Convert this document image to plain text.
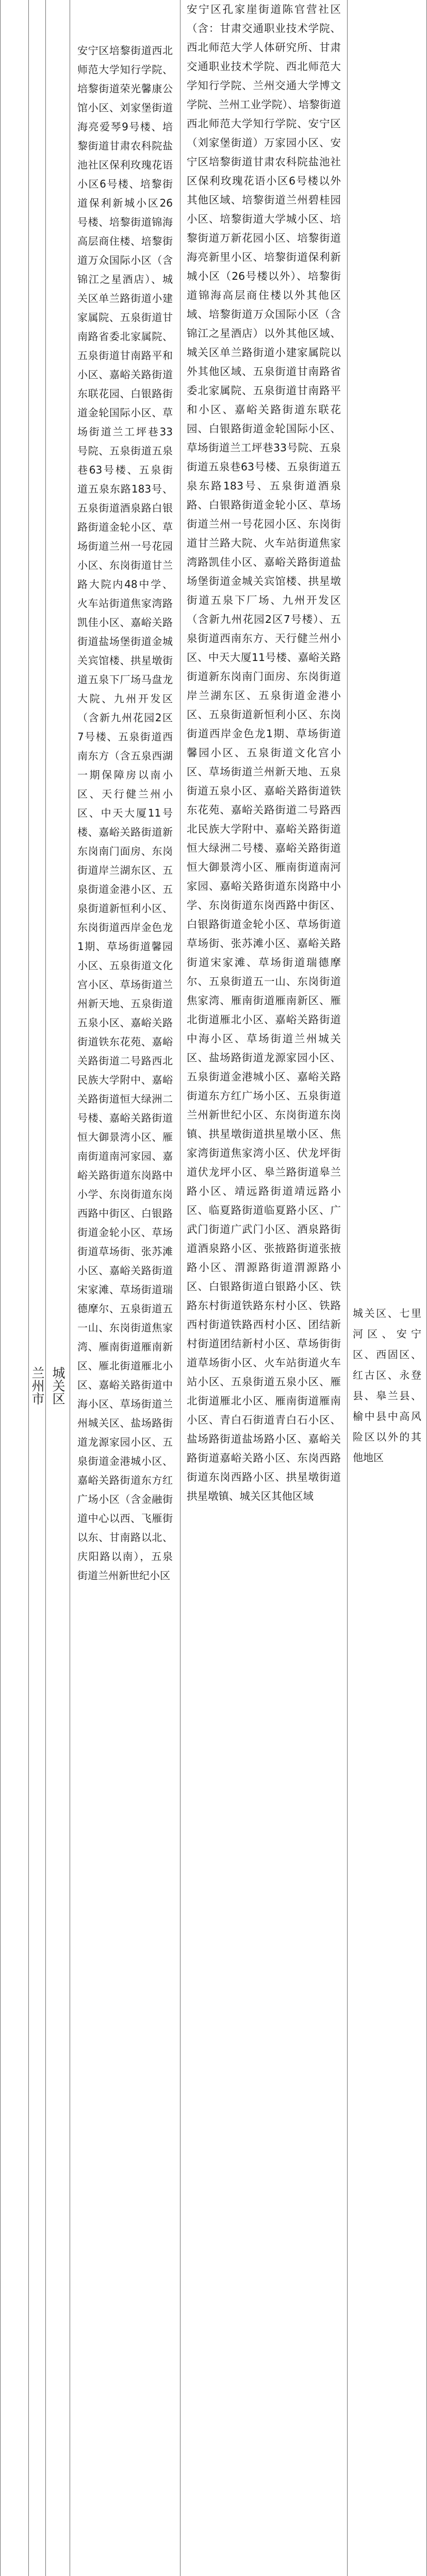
兰州市 城关区

安宁区培黎街道西北师范大学知行学院、培黎街道荣光馨康公馆小区、刘家堡街道海亮爱琴9号楼、培黎街道甘肃农科院盐池社区保利玫瑰花语小区6号楼、培黎街道保利新城小区26号楼、培黎街道锦海高层商住楼、培黎街道万众国际小区（含锦江之星酒店）、城关区单兰路街道小建家属院、五泉街道甘南路省委北家属院、五泉街道甘南路平和小区、嘉峪关路街道东联花园、白银路街道金轮国际小区、草场街道兰工坪巷33号院、五泉街道五泉巷63号楼、五泉街道五泉东路183号、五泉街道酒泉路白银路街道金轮小区、草场街道兰州一号花园小区、东岗街道甘兰路大院内48中学、火车站街道焦家湾路凯佳小区、嘉峪关路街道盐场堡街道金城关宾馆楼、拱星墩街道五泉下厂场马盘龙大院、九州开发区（含新九州花园2区7号楼、五泉街道西南东方（含五泉西湖一期保障房以南小区、天行健兰州小区、中天大厦11号楼、嘉峪关路街道新东岗南门面房、东岗街道岸兰湖东区、五泉街道金港小区、五泉街道新恒利小区、东岗街道西岸金色龙1期、草场街道馨园小区、五泉街道文化宫小区、草场街道兰州新天地、五泉街道五泉小区、嘉峪关路街道铁东花苑、嘉峪关路街道二号路西北民族大学附中、嘉峪关路街道恒大绿洲二号楼、嘉峪关路街道恒大御景湾小区、雁南街道南河家园、嘉峪关路街道东岗路中小学、东岗街道东岗西路中街区、白银路街道金轮小区、草场街道草场街、张苏滩小区、嘉峪关路街道宋家滩、草场街道瑞德摩尔、五泉街道五一山、东岗街道焦家湾、雁南街道雁南新区、雁北街道雁北小区、嘉峪关路街道中海小区、草场街道兰州城关区、盐场路街道龙源家园小区、五泉街道金港城小区、嘉峪关路街道东方红广场小区（含金融街道中心以西、飞雁街以东、甘南路以北、庆阳路以南），五泉街道兰州新世纪小区

安宁区孔家崖街道陈官营社区（含：甘肃交通职业技术学院、西北师范大学人体研究所、甘肃交通职业技术学院、西北师范大学知行学院、兰州交通大学博文学院、兰州工业学院）、培黎街道西北师范大学知行学院、安宁区（刘家堡街道）万家园小区、安宁区培黎街道甘肃农科院盐池社区保利玫瑰花语小区6号楼以外其他区域、培黎街道兰州碧桂园小区、培黎街道大学城小区、培黎街道万新花园小区、培黎街道海亮新里小区、培黎街道保利新城小区（26号楼以外）、培黎街道锦海高层商住楼以外其他区域、培黎街道万众国际小区（含锦江之星酒店）以外其他区域、城关区单兰路街道小建家属院以外其他区域、五泉街道甘南路省委北家属院、五泉街道甘南路平和小区、嘉峪关路街道东联花园、白银路街道金轮国际小区、草场街道兰工坪巷33号院、五泉街道五泉巷63号楼、五泉街道五泉东路183号、五泉街道酒泉路、白银路街道金轮小区、草场街道兰州一号花园小区、东岗街道甘兰路大院、火车站街道焦家湾路凯佳小区、嘉峪关路街道盐场堡街道金城关宾馆楼、拱星墩街道五泉下厂场、九州开发区（含新九州花园2区7号楼）、五泉街道西南东方、天行健兰州小区、中天大厦11号楼、嘉峪关路街道新东岗南门面房、东岗街道岸兰湖东区、五泉街道金港小区、五泉街道新恒利小区、东岗街道西岸金色龙1期、草场街道馨园小区、五泉街道文化宫小区、草场街道兰州新天地、五泉街道五泉小区、嘉峪关路街道铁东花苑、嘉峪关路街道二号路西北民族大学附中、嘉峪关路街道恒大绿洲二号楼、嘉峪关路街道恒大御景湾小区、雁南街道南河家园、嘉峪关路街道东岗路中小学、东岗街道东岗西路中街区、白银路街道金轮小区、草场街道草场街、张苏滩小区、嘉峪关路街道宋家滩、草场街道瑞德摩尔、五泉街道五一山、东岗街道焦家湾、雁南街道雁南新区、雁北街道雁北小区、嘉峪关路街道中海小区、草场街道兰州城关区、盐场路街道龙源家园小区、五泉街道金港城小区、嘉峪关路街道东方红广场小区、五泉街道兰州新世纪小区、东岗街道东岗镇、拱星墩街道拱星墩小区、焦家湾街道焦家湾小区、伏龙坪街道伏龙坪小区、皋兰路街道皋兰路小区、靖远路街道靖远路小区、临夏路街道临夏路小区、广武门街道广武门小区、酒泉路街道酒泉路小区、张掖路街道张掖路小区、渭源路街道渭源路小区、白银路街道白银路小区、铁路东村街道铁路东村小区、铁路西村街道铁路西村小区、团结新村街道团结新村小区、草场街街道草场街小区、火车站街道火车站小区、五泉街道五泉小区、雁北街道雁北小区、雁南街道雁南小区、青白石街道青白石小区、盐场路街道盐场路小区、嘉峪关路街道嘉峪关路小区、东岗西路街道东岗西路小区、拱星墩街道拱星墩镇、城关区其他区域

城关区、七里河区、安宁区、西固区、红古区、永登县、皋兰县、榆中县中高风险区以外的其他地区
